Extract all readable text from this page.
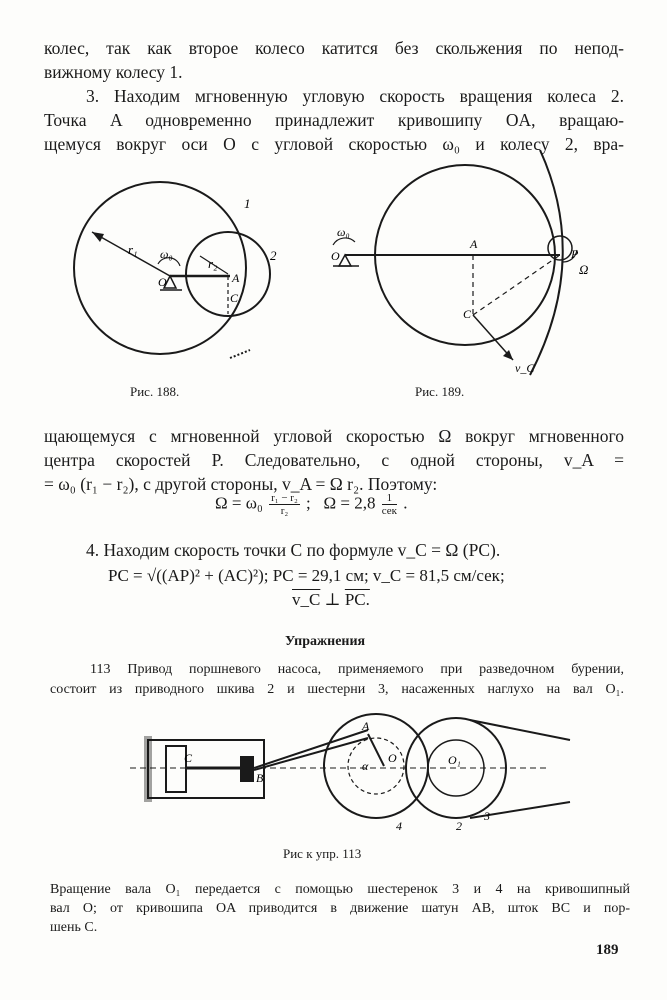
колес, так как второе колесо катится без скольжения по непод-
вижному колесу 1.
3. Находим мгновенную угловую скорость вращения колеса 2.
Точка A одновременно принадлежит кривошипу OA, вращаю-
щемуся вокруг оси O с угловой скоростью ω₀ и колесу 2, вра-
1
2
r₁
r₂
ω₀
O	A
C
Рис. 188.
ω₀
O
A
P
Ω
C
v_C
Рис. 189.
щающемуся с мгновенной угловой скоростью Ω вокруг мгновенного
центра скоростей P. Следовательно, с одной стороны, v_A =
= ω₀ (r₁ − r₂), с другой стороны, v_A = Ω r₂. Поэтому:
$\Omega = \omega_0 \frac{\text{r₁ − r₂}}{\text{r₂}}$ ; $\Omega = 2,8 \frac{1}{\text{сек}}$ .
4. Находим скорость точки C по формуле v_C = Ω (PC).
PC = √((AP)² + (AC)²); PC = 29,1 см; v_C = 81,5 см/сек;
v_C ⊥ PC.
Упражнения
113 Привод поршневого насоса, применяемого при разведочном бурении,
состоит из приводного шкива 2 и шестерни 3, насаженных наглухо на вал O₁.
C
B
A
O	O₁
α
2
3
4
Рис к упр. 113
Вращение вала O₁ передается с помощью шестеренок 3 и 4 на кривошипный
вал O; от кривошипа OA приводится в движение шатун AB, шток BC и пор-
шень C.
189
